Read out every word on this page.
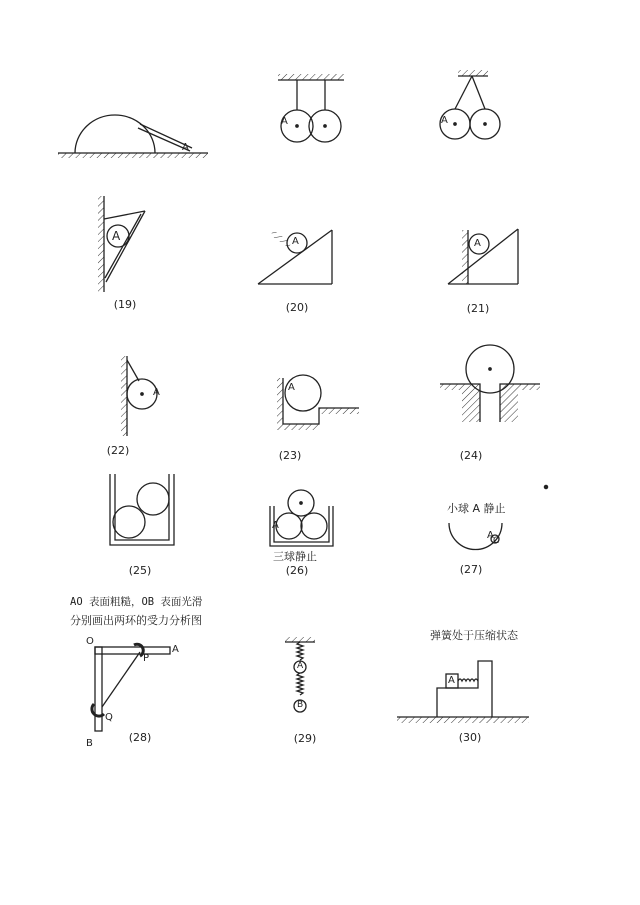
A
A	A
A	A	A
A	A
A
A C
O
A
P
Q
B
A
B
A
(19)	(20)	(21)
(22)	(23)	(24)
(25)	(26)	(27)
(28)	(29)	(30)
三球静止
小球 A 静止
AO 表面粗糙，OB 表面光滑
分别画出两环的受力分析图
弹簧处于压缩状态
